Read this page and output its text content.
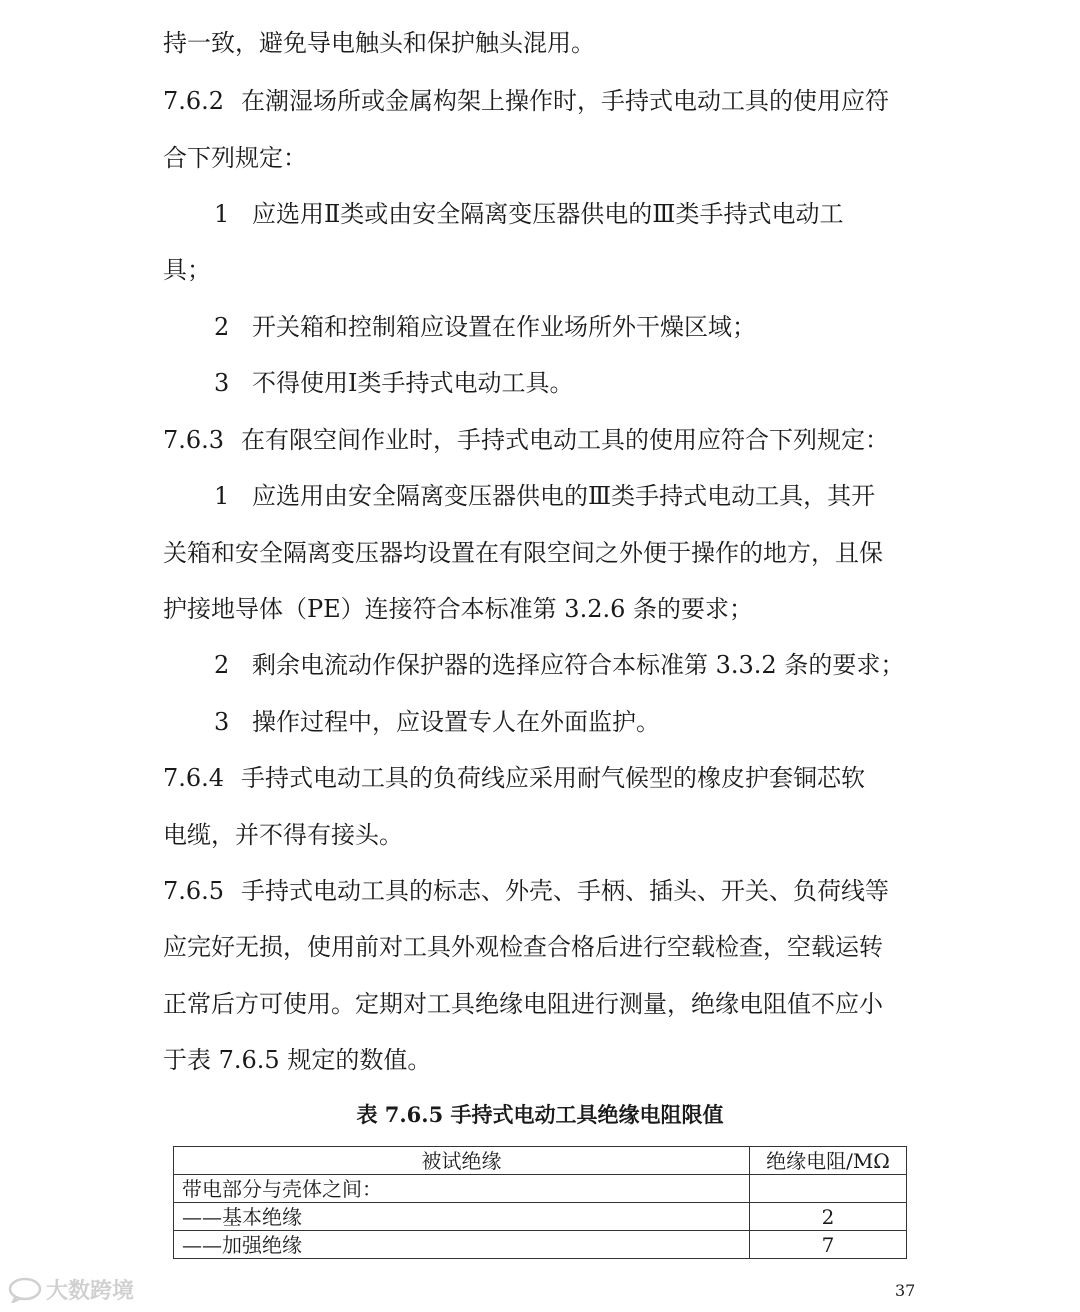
持一致，避免导电触头和保护触头混用。

7.6.2 在潮湿场所或金属构架上操作时，手持式电动工具的使用应符

合下列规定：

1 应选用Ⅱ类或由安全隔离变压器供电的Ⅲ类手持式电动工

具；

2 开关箱和控制箱应设置在作业场所外干燥区域；

3 不得使用Ⅰ类手持式电动工具。

7.6.3 在有限空间作业时，手持式电动工具的使用应符合下列规定：

1 应选用由安全隔离变压器供电的Ⅲ类手持式电动工具，其开

关箱和安全隔离变压器均设置在有限空间之外便于操作的地方，且保

护接地导体（PE）连接符合本标准第 3.2.6 条的要求；

2 剩余电流动作保护器的选择应符合本标准第 3.3.2 条的要求；

3 操作过程中，应设置专人在外面监护。

7.6.4 手持式电动工具的负荷线应采用耐气候型的橡皮护套铜芯软

电缆，并不得有接头。

7.6.5 手持式电动工具的标志、外壳、手柄、插头、开关、负荷线等

应完好无损，使用前对工具外观检查合格后进行空载检查，空载运转

正常后方可使用。定期对工具绝缘电阻进行测量，绝缘电阻值不应小

于表 7.6.5 规定的数值。

表 7.6.5 手持式电动工具绝缘电阻限值
被试绝缘	绝缘电阻/MΩ
带电部分与壳体之间：	
——基本绝缘	2
——加强绝缘	7
大数跨境	37
